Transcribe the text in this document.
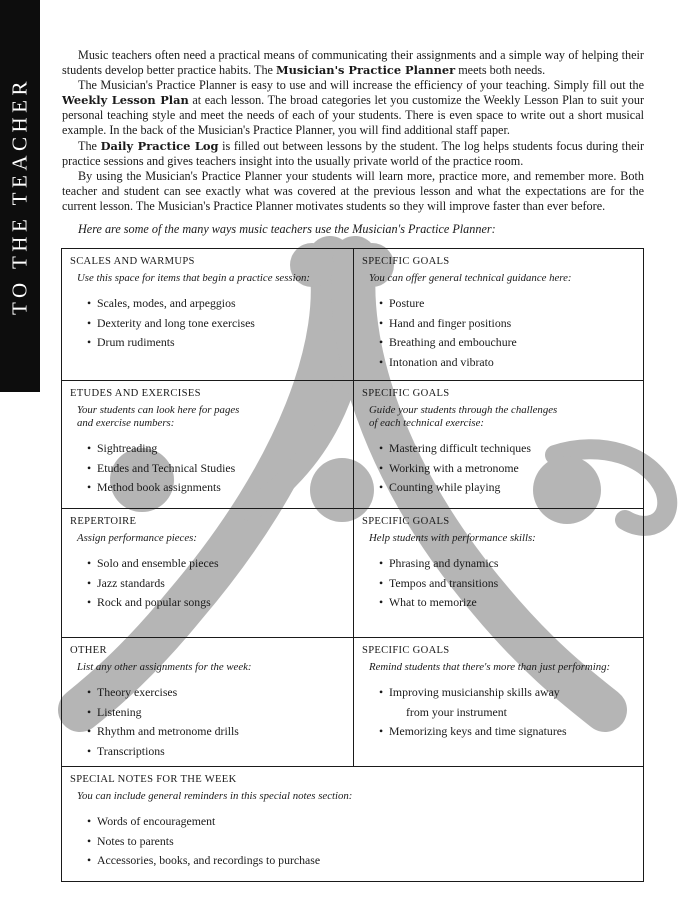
TO THE TEACHER

Music teachers often need a practical means of communicating their assignments and a simple way of helping their students develop better practice habits. The Musician's Practice Planner meets both needs.

The Musician's Practice Planner is easy to use and will increase the efficiency of your teaching. Simply fill out the Weekly Lesson Plan at each lesson. The broad categories let you customize the Weekly Lesson Plan to suit your personal teaching style and meet the needs of each of your students. There is even space to write out a short musical example. In the back of the Musician's Practice Planner, you will find additional staff paper.

The Daily Practice Log is filled out between lessons by the student. The log helps students focus during their practice sessions and gives teachers insight into the usually private world of the practice room.

By using the Musician's Practice Planner your students will learn more, practice more, and remember more. Both teacher and student can see exactly what was covered at the previous lesson and what the expectations are for the current lesson. The Musician's Practice Planner motivates students so they will improve faster than ever before.

Here are some of the many ways music teachers use the Musician's Practice Planner:

SCALES AND WARMUPS

Use this space for items that begin a practice session:

• Scales, modes, and arpeggios
• Dexterity and long tone exercises
• Drum rudiments

SPECIFIC GOALS

You can offer general technical guidance here:

• Posture
• Hand and finger positions
• Breathing and embouchure
• Intonation and vibrato

ETUDES AND EXERCISES

Your students can look here for pages
and exercise numbers:

• Sightreading
• Etudes and Technical Studies
• Method book assignments

SPECIFIC GOALS

Guide your students through the challenges
of each technical exercise:

• Mastering difficult techniques
• Working with a metronome
• Counting while playing

REPERTOIRE

Assign performance pieces:

• Solo and ensemble pieces
• Jazz standards
• Rock and popular songs

SPECIFIC GOALS

Help students with performance skills:

• Phrasing and dynamics
• Tempos and transitions
• What to memorize

OTHER

List any other assignments for the week:

• Theory exercises
• Listening
• Rhythm and metronome drills
• Transcriptions

SPECIFIC GOALS

Remind students that there's more than just performing:

• Improving musicianship skills away
from your instrument
• Memorizing keys and time signatures

SPECIAL NOTES FOR THE WEEK

You can include general reminders in this special notes section:

• Words of encouragement
• Notes to parents
• Accessories, books, and recordings to purchase
